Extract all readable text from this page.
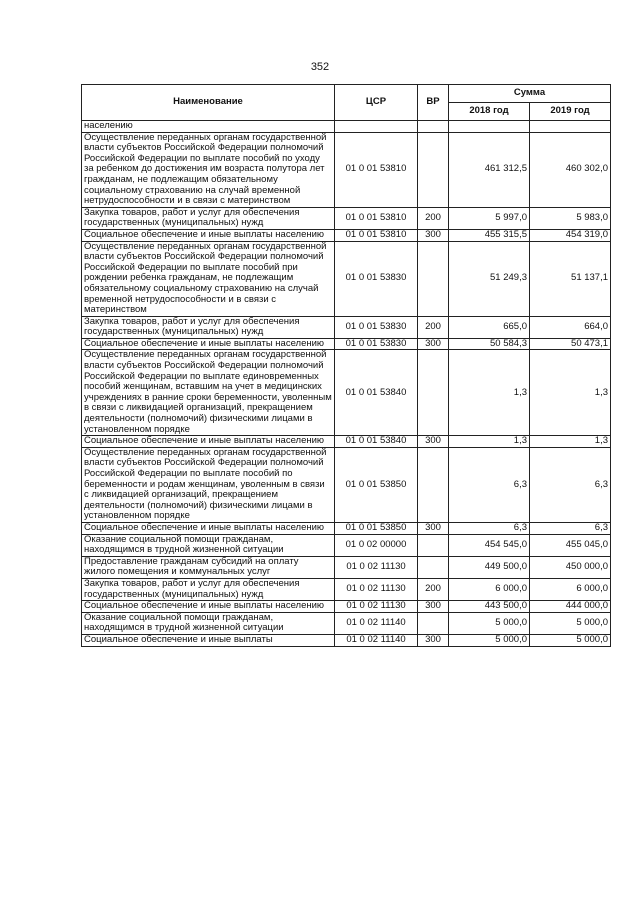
352
Наименование	ЦСР	ВР	Сумма	
			2018 год	2019 год
населению				
Осуществление переданных органам государственной власти субъектов Российской Федерации полномочий Российской Федерации по выплате пособий по уходу за ребенком до достижения им возраста полутора лет гражданам, не подлежащим обязательному социальному страхованию на случай временной нетрудоспособности и в связи с материнством	01 0 01 53810		461 312,5	460 302,0
Закупка товаров, работ и услуг для обеспечения государственных (муниципальных) нужд	01 0 01 53810	200	5 997,0	5 983,0
Социальное обеспечение и иные выплаты населению	01 0 01 53810	300	455 315,5	454 319,0
Осуществление переданных органам государственной власти субъектов Российской Федерации полномочий Российской Федерации по выплате пособий при рождении ребенка гражданам, не подлежащим обязательному социальному страхованию на случай временной нетрудоспособности и в связи с материнством	01 0 01 53830		51 249,3	51 137,1
Закупка товаров, работ и услуг для обеспечения государственных (муниципальных) нужд	01 0 01 53830	200	665,0	664,0
Социальное обеспечение и иные выплаты населению	01 0 01 53830	300	50 584,3	50 473,1
Осуществление переданных органам государственной власти субъектов Российской Федерации полномочий Российской Федерации по выплате единовременных пособий женщинам, вставшим на учет в медицинских учреждениях в ранние сроки беременности, уволенным в связи с ликвидацией организаций, прекращением деятельности (полномочий) физическими лицами в установленном порядке	01 0 01 53840		1,3	1,3
Социальное обеспечение и иные выплаты населению	01 0 01 53840	300	1,3	1,3
Осуществление переданных органам государственной власти субъектов Российской Федерации полномочий Российской Федерации по выплате пособий по беременности и родам женщинам, уволенным в связи с ликвидацией организаций, прекращением деятельности (полномочий) физическими лицами в установленном порядке	01 0 01 53850		6,3	6,3
Социальное обеспечение и иные выплаты населению	01 0 01 53850	300	6,3	6,3
Оказание социальной помощи гражданам, находящимся в трудной жизненной ситуации	01 0 02 00000		454 545,0	455 045,0
Предоставление гражданам субсидий на оплату жилого помещения и коммунальных услуг	01 0 02 11130		449 500,0	450 000,0
Закупка товаров, работ и услуг для обеспечения государственных (муниципальных) нужд	01 0 02 11130	200	6 000,0	6 000,0
Социальное обеспечение и иные выплаты населению	01 0 02 11130	300	443 500,0	444 000,0
Оказание социальной помощи гражданам, находящимся в трудной жизненной ситуации	01 0 02 11140		5 000,0	5 000,0
Социальное обеспечение и иные выплаты	01 0 02 11140	300	5 000,0	5 000,0
